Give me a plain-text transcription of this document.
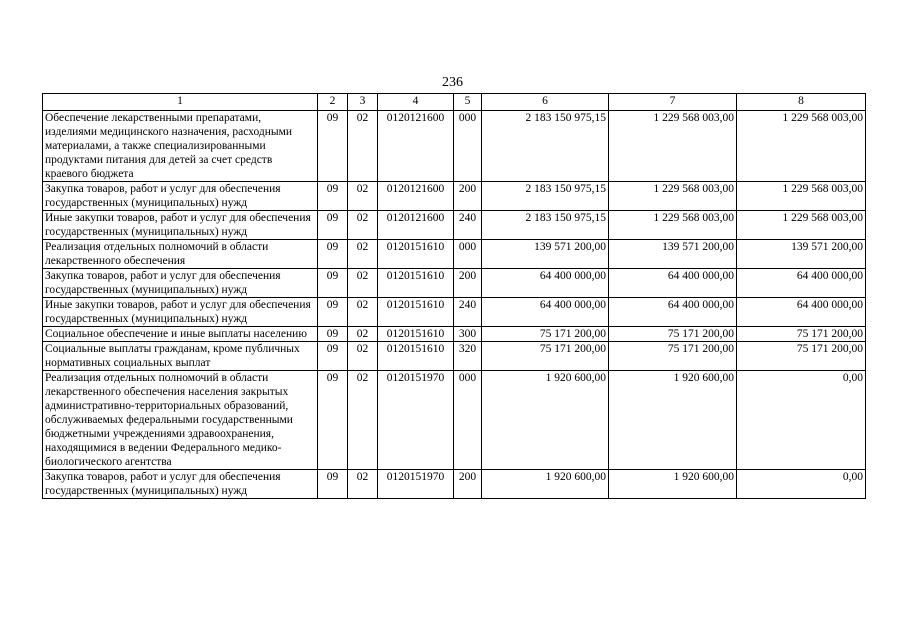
236
1	2	3	4	5	6	7	8
Обеспечение лекарственными препаратами, изделиями медицинского назначения, расходными материалами, а также специализированными продуктами питания для детей за счет средств краевого бюджета	09	02	0120121600	000	2 183 150 975,15	1 229 568 003,00	1 229 568 003,00
Закупка товаров, работ и услуг для обеспечения государственных (муниципальных) нужд	09	02	0120121600	200	2 183 150 975,15	1 229 568 003,00	1 229 568 003,00
Иные закупки товаров, работ и услуг для обеспечения государственных (муниципальных) нужд	09	02	0120121600	240	2 183 150 975,15	1 229 568 003,00	1 229 568 003,00
Реализация отдельных полномочий в области лекарственного обеспечения	09	02	0120151610	000	139 571 200,00	139 571 200,00	139 571 200,00
Закупка товаров, работ и услуг для обеспечения государственных (муниципальных) нужд	09	02	0120151610	200	64 400 000,00	64 400 000,00	64 400 000,00
Иные закупки товаров, работ и услуг для обеспечения государственных (муниципальных) нужд	09	02	0120151610	240	64 400 000,00	64 400 000,00	64 400 000,00
Социальное обеспечение и иные выплаты населению	09	02	0120151610	300	75 171 200,00	75 171 200,00	75 171 200,00
Социальные выплаты гражданам, кроме публичных нормативных социальных выплат	09	02	0120151610	320	75 171 200,00	75 171 200,00	75 171 200,00
Реализация отдельных полномочий в области лекарственного обеспечения населения закрытых административно-территориальных образований, обслуживаемых федеральными государственными бюджетными учреждениями здравоохранения, находящимися в ведении Федерального медико-биологического агентства	09	02	0120151970	000	1 920 600,00	1 920 600,00	0,00
Закупка товаров, работ и услуг для обеспечения государственных (муниципальных) нужд	09	02	0120151970	200	1 920 600,00	1 920 600,00	0,00
